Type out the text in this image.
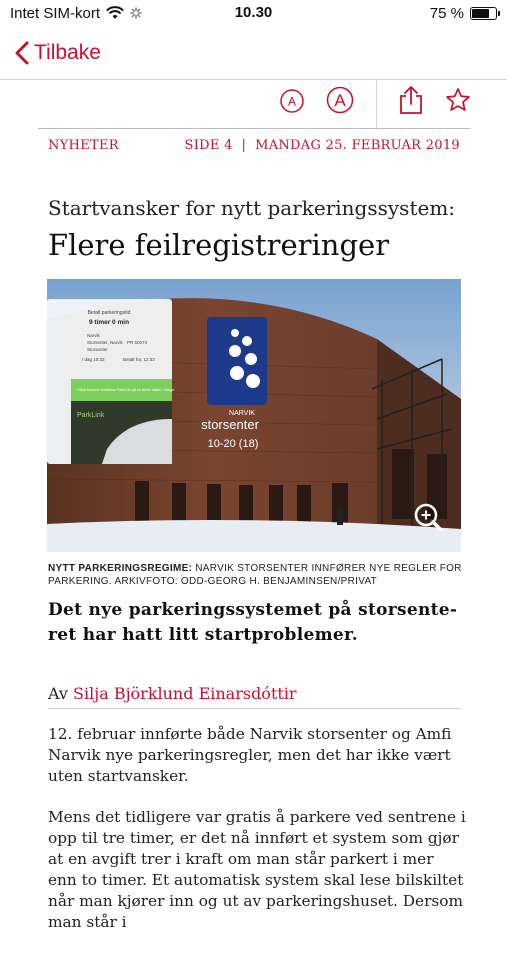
Intet SIM-kort	10.30	75 %
Tilbake
A A
NYHETER	SIDE 4  |  MANDAG 25. FEBRUAR 2019
Startvansker for nytt parkeringssystem:
Flere feilregistreringer
NARVIK
storsenter
10-20 (18)
Betalt parkeringstid
9 timer 0 min
Narvik
Storsenter, Narvik
Storsenter
PR 50074
I dag 10:33	Betalt fra: 12:33
I Skal forsvare bruklema ParkLink på en sikker sikker i Norge.
ParkLink
NYTT PARKERINGSREGIME: NARVIK STORSENTER INNFØRER NYE REGLER FOR PARKERING. ARKIVFOTO: ODD-GEORG H. BENJAMINSEN/PRIVAT
Det nye parkeringssystemet på storsenteret har hatt litt startproblemer.
Av Silja Björklund Einarsdóttir

12. februar innførte både Narvik storsenter og Amfi Narvik nye parkeringsregler, men det har ikke vært uten startvansker.

Mens det tidligere var gratis å parkere ved sentrene i opp til tre timer, er det nå innført et system som gjør at en avgift trer i kraft om man står parkert i mer enn to timer. Et automatisk system skal lese bilskiltet når man kjører inn og ut av parkeringshuset. Dersom man står i
